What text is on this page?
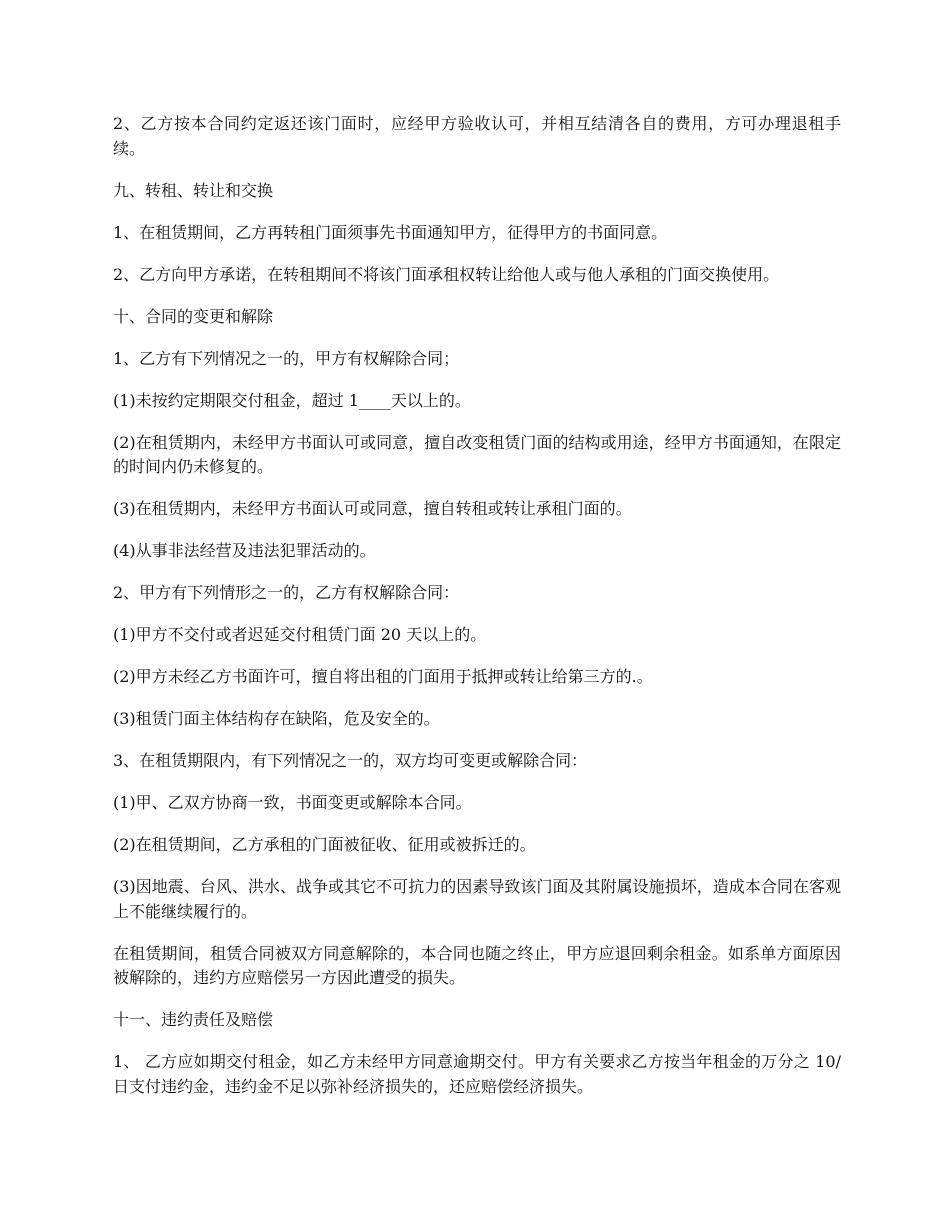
2、乙方按本合同约定返还该门面时，应经甲方验收认可，并相互结清各自的费用，方可办理退租手续。

九、转租、转让和交换

1、在租赁期间，乙方再转租门面须事先书面通知甲方，征得甲方的书面同意。

2、乙方向甲方承诺，在转租期间不将该门面承租权转让给他人或与他人承租的门面交换使用。

十、合同的变更和解除

1、乙方有下列情况之一的，甲方有权解除合同；

(1)未按约定期限交付租金，超过 1____天以上的。

(2)在租赁期内，未经甲方书面认可或同意，擅自改变租赁门面的结构或用途，经甲方书面通知，在限定的时间内仍未修复的。

(3)在租赁期内，未经甲方书面认可或同意，擅自转租或转让承租门面的。

(4)从事非法经营及违法犯罪活动的。

2、甲方有下列情形之一的，乙方有权解除合同：

(1)甲方不交付或者迟延交付租赁门面 20 天以上的。

(2)甲方未经乙方书面许可，擅自将出租的门面用于抵押或转让给第三方的.。

(3)租赁门面主体结构存在缺陷，危及安全的。

3、在租赁期限内，有下列情况之一的，双方均可变更或解除合同：

(1)甲、乙双方协商一致，书面变更或解除本合同。

(2)在租赁期间，乙方承租的门面被征收、征用或被拆迁的。

(3)因地震、台风、洪水、战争或其它不可抗力的因素导致该门面及其附属设施损坏，造成本合同在客观上不能继续履行的。

在租赁期间，租赁合同被双方同意解除的，本合同也随之终止，甲方应退回剩余租金。如系单方面原因被解除的，违约方应赔偿另一方因此遭受的损失。

十一、违约责任及赔偿

1、 乙方应如期交付租金，如乙方未经甲方同意逾期交付。甲方有关要求乙方按当年租金的万分之 10/日支付违约金，违约金不足以弥补经济损失的，还应赔偿经济损失。
